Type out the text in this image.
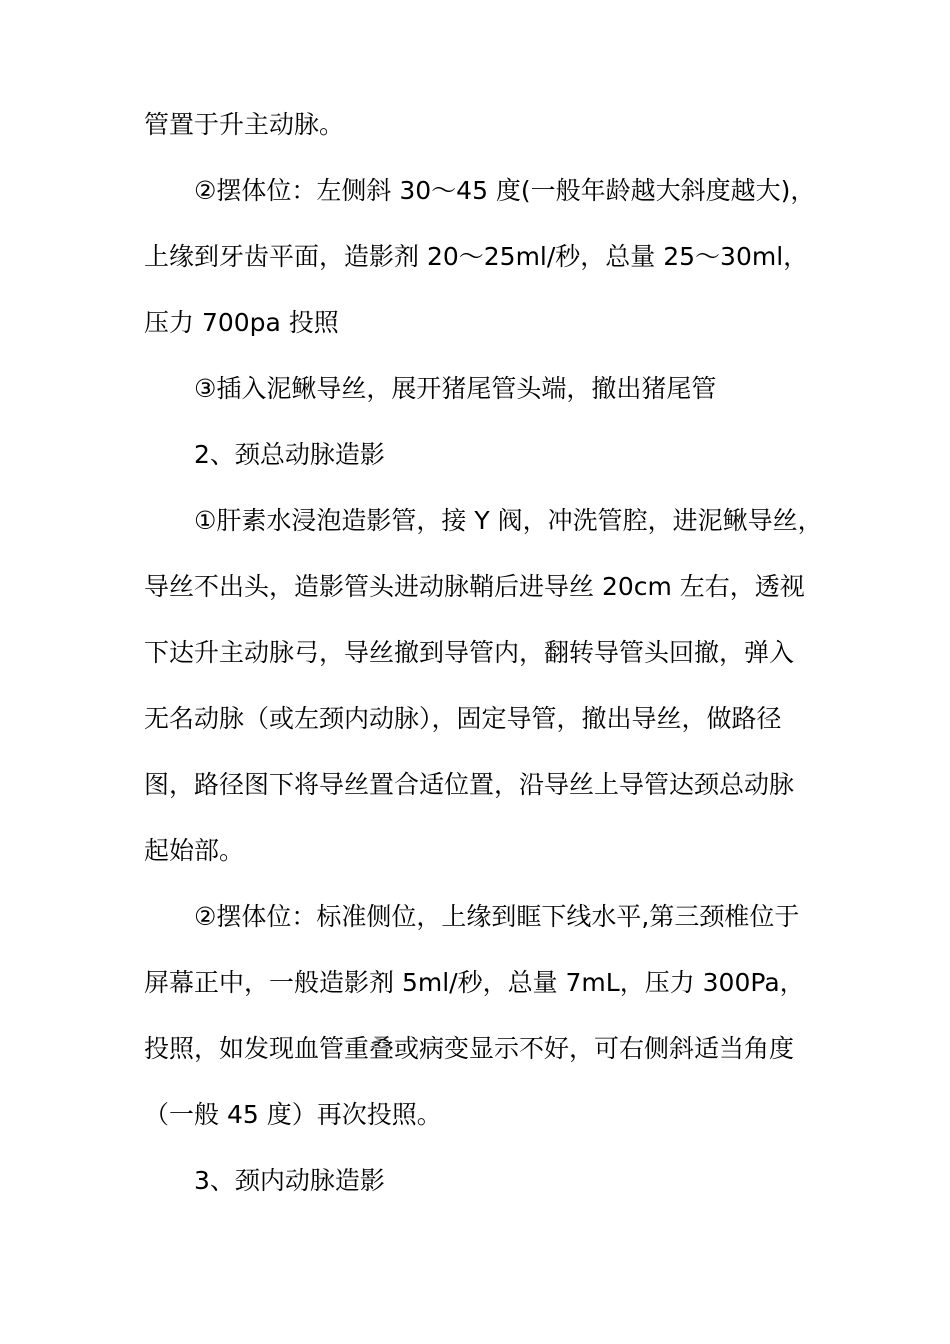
管置于升主动脉。
②摆体位：左侧斜 30～45 度(一般年龄越大斜度越大)，
上缘到牙齿平面，造影剂 20～25ml/秒，总量 25～30ml，
压力 700pa 投照
③插入泥鳅导丝，展开猪尾管头端，撤出猪尾管
2、颈总动脉造影
①肝素水浸泡造影管，接 Y 阀，冲洗管腔，进泥鳅导丝，
导丝不出头，造影管头进动脉鞘后进导丝 20cm 左右，透视
下达升主动脉弓，导丝撤到导管内，翻转导管头回撤，弹入
无名动脉（或左颈内动脉），固定导管，撤出导丝，做路径
图，路径图下将导丝置合适位置，沿导丝上导管达颈总动脉
起始部。
②摆体位：标准侧位，上缘到眶下线水平,第三颈椎位于
屏幕正中，一般造影剂 5ml/秒，总量 7mL，压力 300Pa，
投照，如发现血管重叠或病变显示不好，可右侧斜适当角度
（一般 45 度）再次投照。
3、颈内动脉造影
